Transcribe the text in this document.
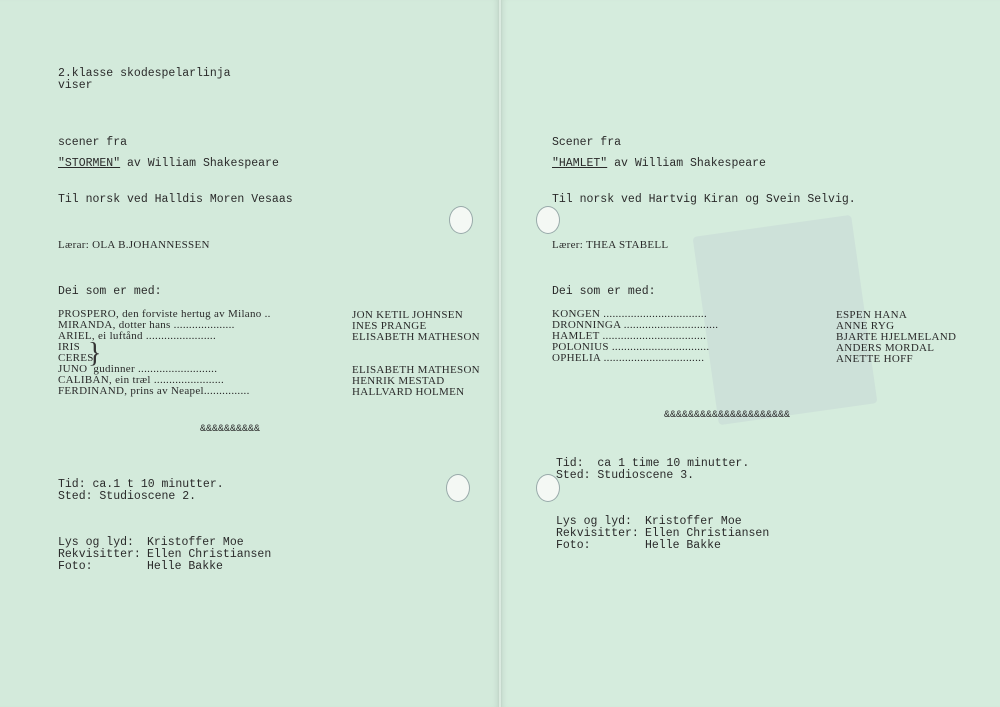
2.klasse skodespelarlinja
viser
scener fra
"STORMEN" av William Shakespeare
Til norsk ved Halldis Moren Vesaas
Lærar: OLA B.JOHANNESSEN
Dei som er med:
PROSPERO, den forviste hertug av Milano ..	JON KETIL JOHNSEN
MIRANDA, dotter hans ....................	INES PRANGE
ARIEL, ei luftånd .......................	ELISABETH MATHESON
IRIS
CERES
JUNO  gudinner ..........................	ELISABETH MATHESON
CALIBAN, ein træl .......................	HENRIK MESTAD
FERDINAND, prins av Neapel...............	HALLVARD HOLMEN
}
&&&&&&&&&&
Tid: ca.1 t 10 minutter.
Sted: Studioscene 2.
Lys og lyd: Kristoffer Moe
Rekvisitter: Ellen Christiansen
Foto:	Helle Bakke
Scener fra
"HAMLET" av William Shakespeare
Til norsk ved Hartvig Kiran og Svein Selvig.
Lærer: THEA STABELL
Dei som er med:
KONGEN ..................................	ESPEN HANA
DRONNINGA ...............................	ANNE RYG
HAMLET ..................................	BJARTE HJELMELAND
POLONIUS ................................	ANDERS MORDAL
OPHELIA .................................	ANETTE HOFF
&&&&&&&&&&&&&&&&&&&&&
Tid:  ca 1 time 10 minutter.
Sted: Studioscene 3.
Lys og lyd: Kristoffer Moe
Rekvisitter: Ellen Christiansen
Foto:	Helle Bakke
